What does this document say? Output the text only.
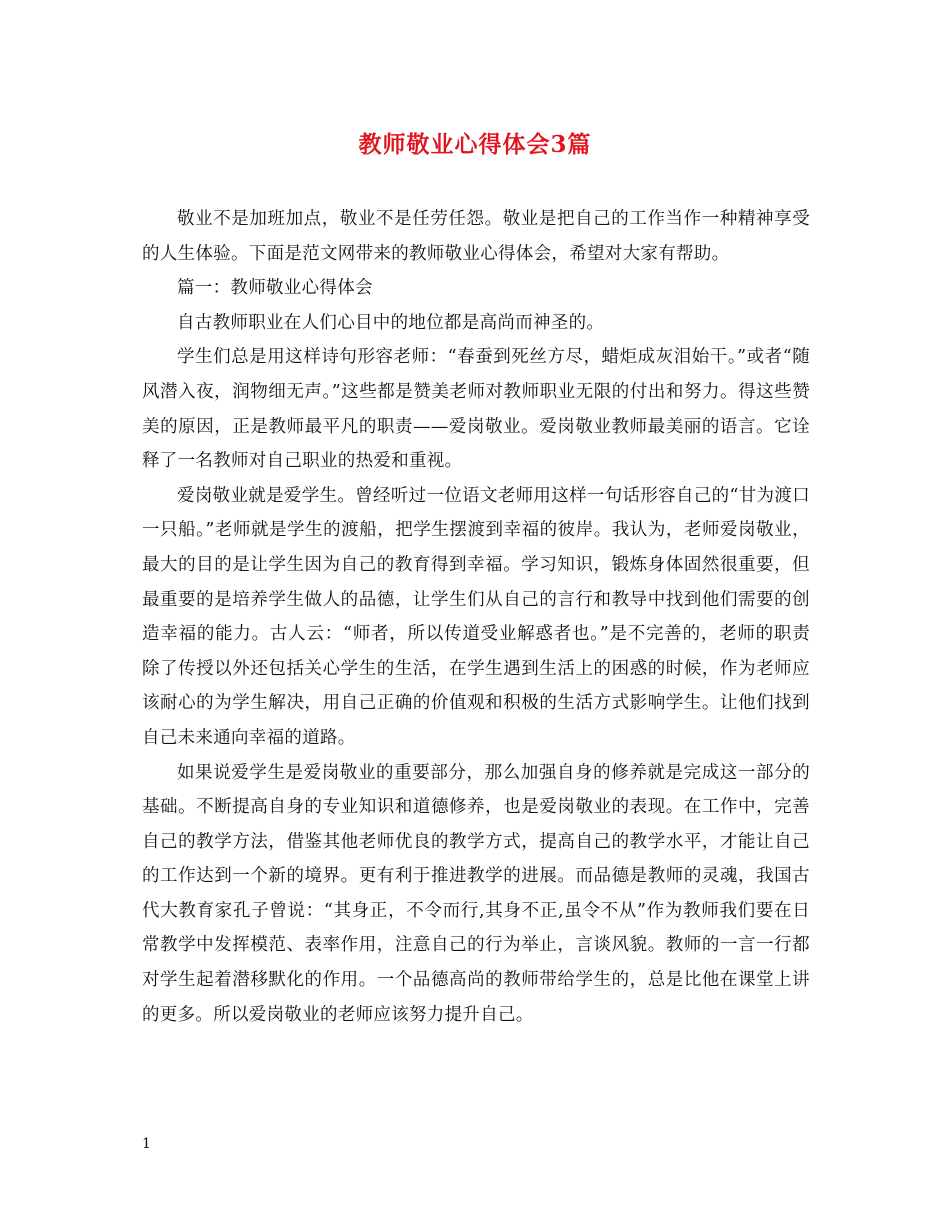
教师敬业心得体会3篇

敬业不是加班加点，敬业不是任劳任怨。敬业是把自己的工作当作一种精神享受的人生体验。下面是范文网带来的教师敬业心得体会，希望对大家有帮助。

篇一：教师敬业心得体会

自古教师职业在人们心目中的地位都是高尚而神圣的。

学生们总是用这样诗句形容老师：“春蚕到死丝方尽，蜡炬成灰泪始干。”或者“随风潜入夜，润物细无声。”这些都是赞美老师对教师职业无限的付出和努力。得这些赞美的原因，正是教师最平凡的职责——爱岗敬业。爱岗敬业教师最美丽的语言。它诠释了一名教师对自己职业的热爱和重视。

爱岗敬业就是爱学生。曾经听过一位语文老师用这样一句话形容自己的“甘为渡口一只船。”老师就是学生的渡船，把学生摆渡到幸福的彼岸。我认为，老师爱岗敬业，最大的目的是让学生因为自己的教育得到幸福。学习知识，锻炼身体固然很重要，但最重要的是培养学生做人的品德，让学生们从自己的言行和教导中找到他们需要的创造幸福的能力。古人云：“师者，所以传道受业解惑者也。”是不完善的，老师的职责除了传授以外还包括关心学生的生活，在学生遇到生活上的困惑的时候，作为老师应该耐心的为学生解决，用自己正确的价值观和积极的生活方式影响学生。让他们找到自己未来通向幸福的道路。

如果说爱学生是爱岗敬业的重要部分，那么加强自身的修养就是完成这一部分的基础。不断提高自身的专业知识和道德修养，也是爱岗敬业的表现。在工作中，完善自己的教学方法，借鉴其他老师优良的教学方式，提高自己的教学水平，才能让自己的工作达到一个新的境界。更有利于推进教学的进展。而品德是教师的灵魂，我国古代大教育家孔子曾说：“其身正，不令而行,其身不正,虽令不从”作为教师我们要在日常教学中发挥模范、表率作用，注意自己的行为举止，言谈风貌。教师的一言一行都对学生起着潜移默化的作用。一个品德高尚的教师带给学生的，总是比他在课堂上讲的更多。所以爱岗敬业的老师应该努力提升自己。

1
